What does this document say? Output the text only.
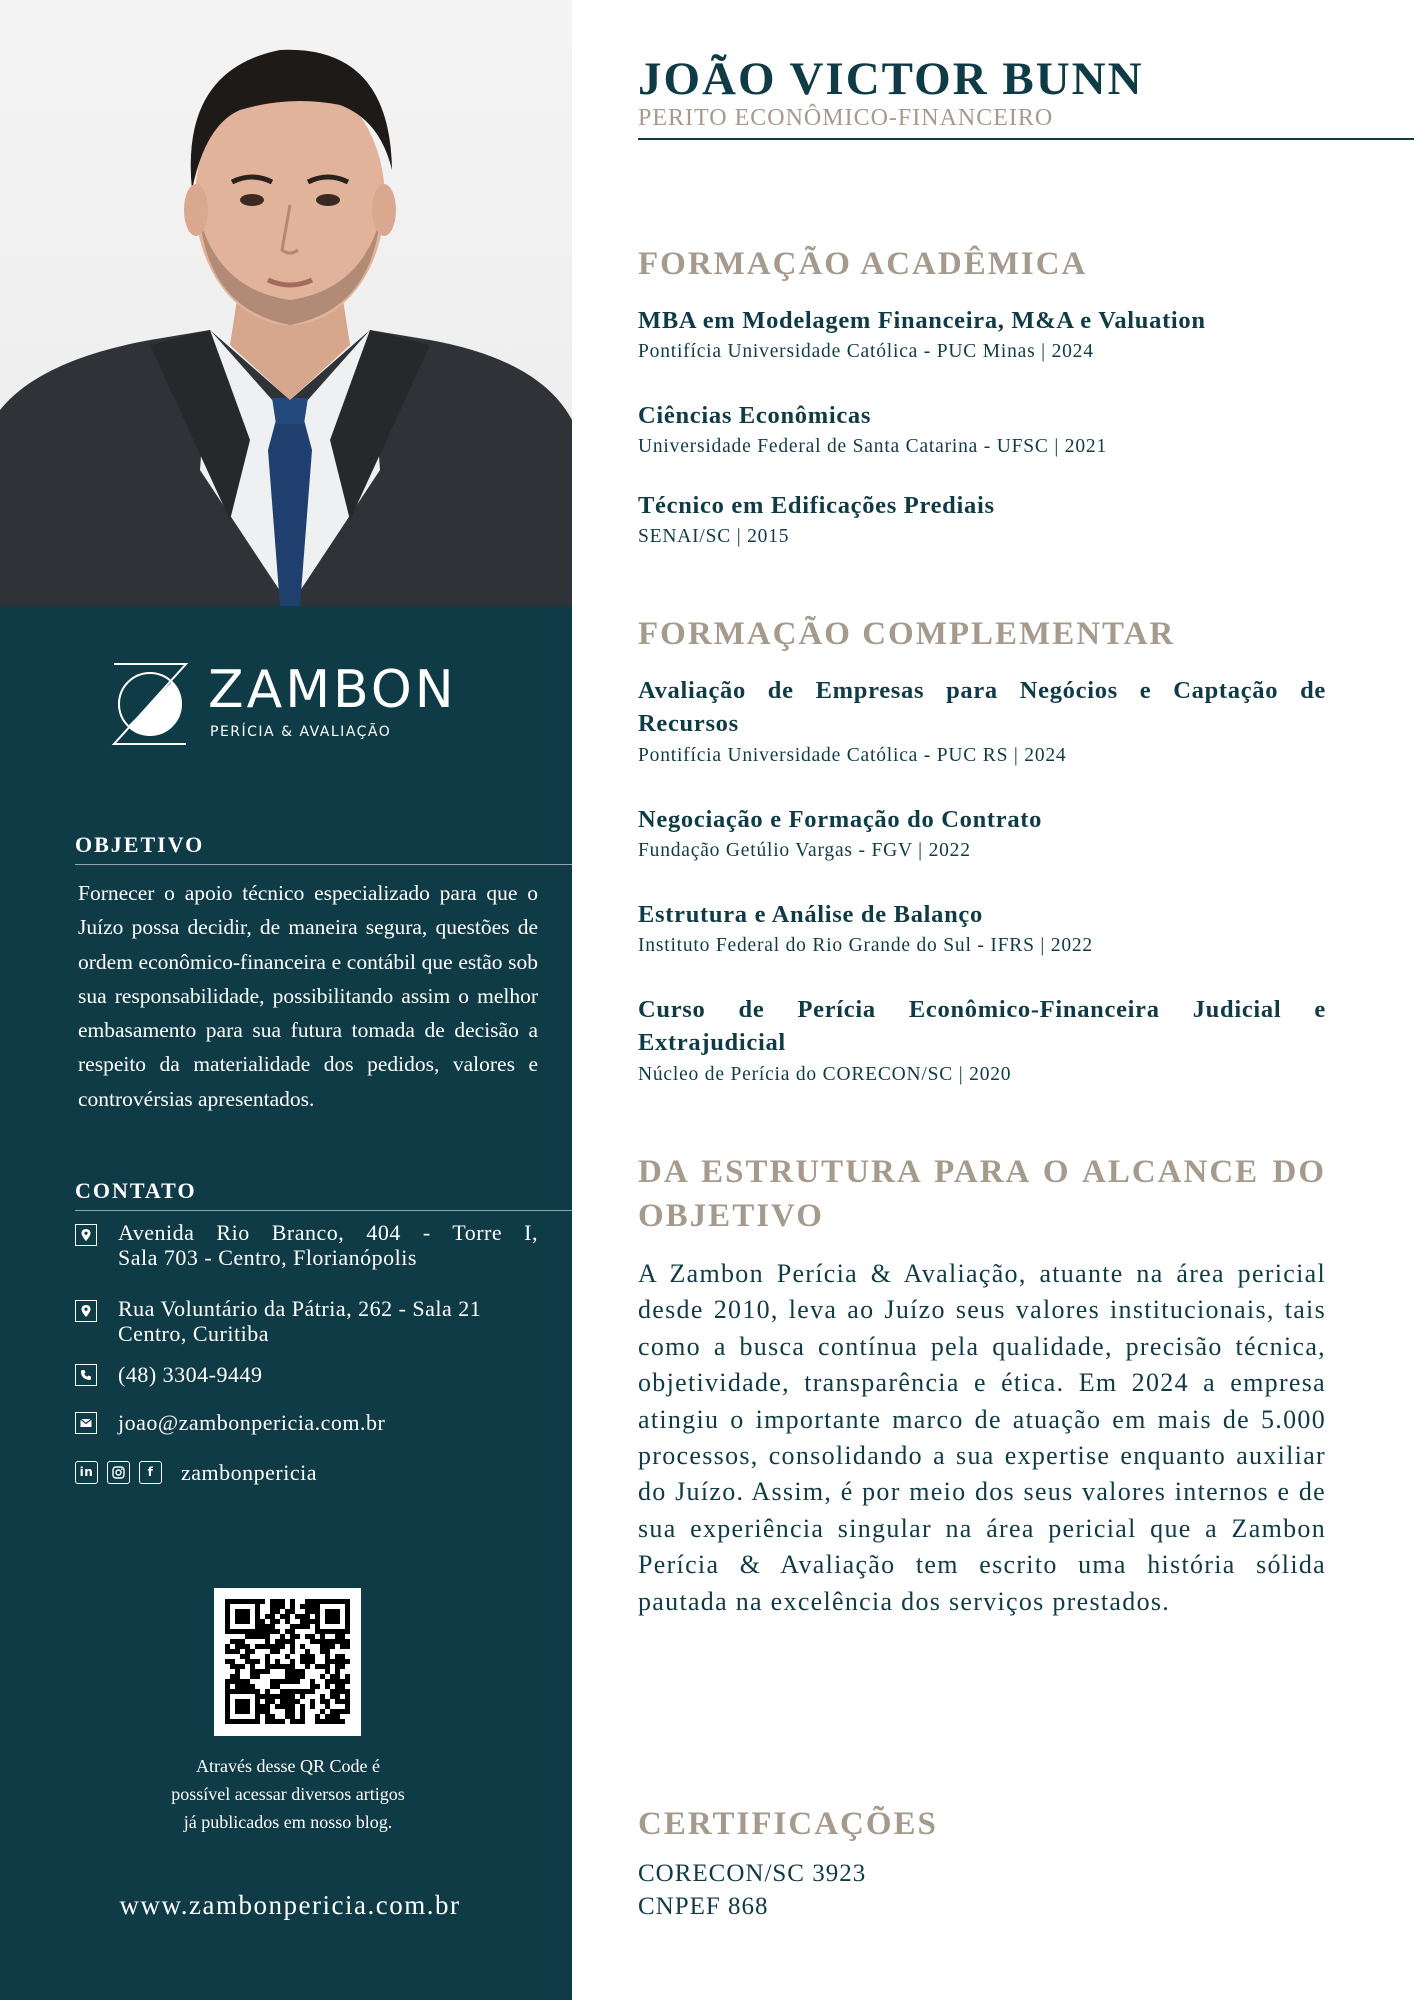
ZAMBON
PERÍCIA & AVALIAÇÃO
OBJETIVO
Fornecer o apoio técnico especializado para que o Juízo possa decidir, de maneira segura, questões de ordem econômico-financeira e contábil que estão sob sua responsabilidade, possibilitando assim o melhor embasamento para sua futura tomada de decisão a respeito da materialidade dos pedidos, valores e controvérsias apresentados.
CONTATO
Avenida Rio Branco, 404 - Torre I,
Sala 703 - Centro, Florianópolis
Rua Voluntário da Pátria, 262 - Sala 21
Centro, Curitiba
(48) 3304-9449
joao@zambonpericia.com.br
in	f	zambonpericia
Através desse QR Code é
possível acessar diversos artigos
já publicados em nosso blog.
www.zambonpericia.com.br
JOÃO VICTOR BUNN
PERITO ECONÔMICO-FINANCEIRO
FORMAÇÃO ACADÊMICA
MBA em Modelagem Financeira, M&A e Valuation
Pontifícia Universidade Católica - PUC Minas | 2024
Ciências Econômicas
Universidade Federal de Santa Catarina - UFSC | 2021
Técnico em Edificações Prediais
SENAI/SC | 2015
FORMAÇÃO COMPLEMENTAR
Avaliação de Empresas para Negócios e Captação de Recursos
Pontifícia Universidade Católica - PUC RS | 2024
Negociação e Formação do Contrato
Fundação Getúlio Vargas - FGV | 2022
Estrutura e Análise de Balanço
Instituto Federal do Rio Grande do Sul - IFRS | 2022
Curso de Perícia Econômico-Financeira Judicial e Extrajudicial
Núcleo de Perícia do CORECON/SC | 2020
DA ESTRUTURA PARA O ALCANCE DO OBJETIVO
A Zambon Perícia & Avaliação, atuante na área pericial desde 2010, leva ao Juízo seus valores institucionais, tais como a busca contínua pela qualidade, precisão técnica, objetividade, transparência e ética. Em 2024 a empresa atingiu o importante marco de atuação em mais de 5.000 processos, consolidando a sua expertise enquanto auxiliar do Juízo. Assim, é por meio dos seus valores internos e de sua experiência singular na área pericial que a Zambon Perícia & Avaliação tem escrito uma história sólida pautada na excelência dos serviços prestados.
CERTIFICAÇÕES
CORECON/SC 3923
CNPEF 868
